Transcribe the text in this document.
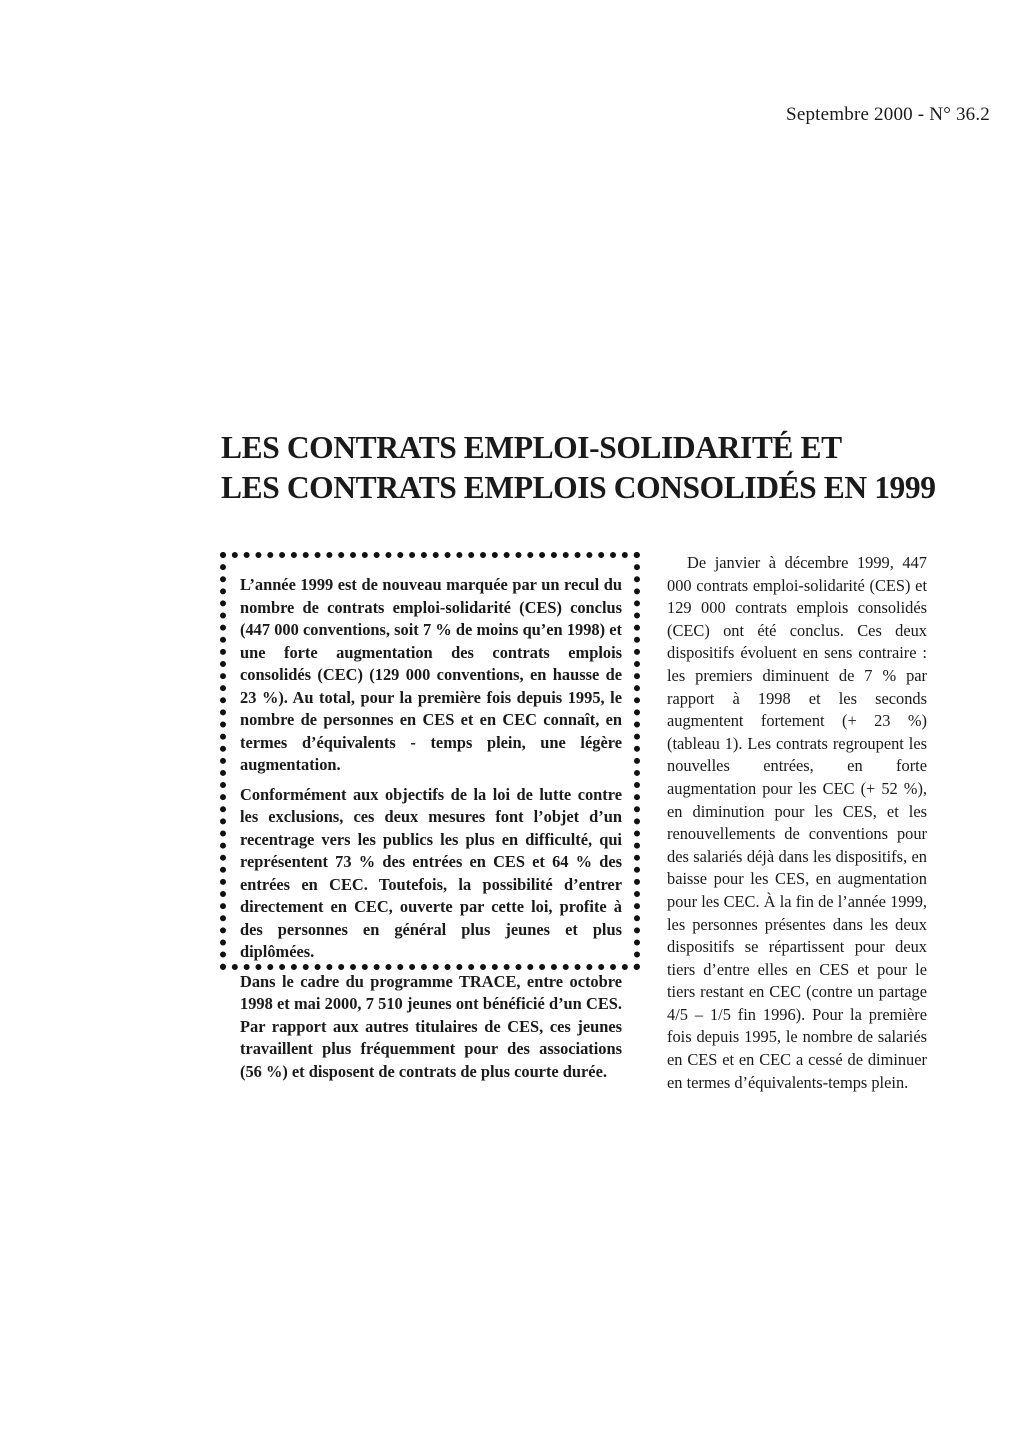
Septembre 2000 - N° 36.2
LES CONTRATS EMPLOI-SOLIDARITÉ ET
LES CONTRATS EMPLOIS CONSOLIDÉS EN 1999

L’année 1999 est de nouveau marquée par un recul du nombre de contrats emploi-solidarité (CES) conclus (447 000 conventions, soit 7 % de moins qu’en 1998) et une forte augmentation des contrats emplois consolidés (CEC) (129 000 conventions, en hausse de 23 %). Au total, pour la première fois depuis 1995, le nombre de personnes en CES et en CEC connaît, en termes d’équivalents - temps plein, une légère augmentation.

Conformément aux objectifs de la loi de lutte contre les exclusions, ces deux mesures font l’objet d’un recentrage vers les publics les plus en difficulté, qui représentent 73 % des entrées en CES et 64 % des entrées en CEC. Toutefois, la possibilité d’entrer directement en CEC, ouverte par cette loi, profite à des personnes en général plus jeunes et plus diplômées.

Dans le cadre du programme TRACE, entre octobre 1998 et mai 2000, 7 510 jeunes ont bénéficié d’un CES. Par rapport aux autres titulaires de CES, ces jeunes travaillent plus fréquemment pour des associations (56 %) et disposent de contrats de plus courte durée.

De janvier à décembre 1999, 447 000 contrats emploi-solidarité (CES) et 129 000 contrats emplois consolidés (CEC) ont été conclus. Ces deux dispositifs évoluent en sens contraire : les premiers diminuent de 7 % par rapport à 1998 et les seconds augmentent fortement (+ 23 %) (tableau 1). Les contrats regroupent les nouvelles entrées, en forte augmentation pour les CEC (+ 52 %), en diminution pour les CES, et les renouvellements de conventions pour des salariés déjà dans les dispositifs, en baisse pour les CES, en augmentation pour les CEC. À la fin de l’année 1999, les personnes présentes dans les deux dispositifs se répartissent pour deux tiers d’entre elles en CES et pour le tiers restant en CEC (contre un partage 4/5 – 1/5 fin 1996). Pour la première fois depuis 1995, le nombre de salariés en CES et en CEC a cessé de diminuer en termes d’équivalents-temps plein.
